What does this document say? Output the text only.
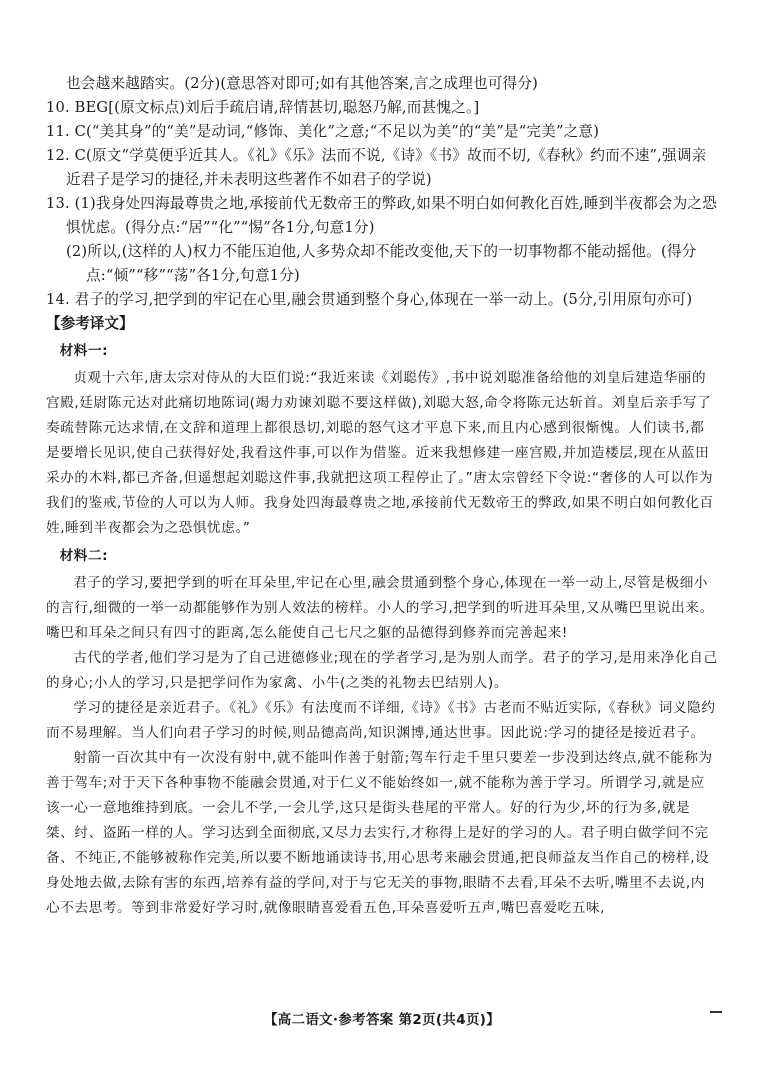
也会越来越踏实。(2分)(意思答对即可;如有其他答案,言之成理也可得分)

10. BEG[(原文标点)刘后手疏启请,辞情甚切,聪怒乃解,而甚愧之。]

11. C(“美其身”的“美”是动词,“修饰、美化”之意;“不足以为美”的“美”是“完美”之意)

12. C(原文“学莫便乎近其人。《礼》《乐》法而不说,《诗》《书》故而不切,《春秋》约而不速”,强调亲近君子是学习的捷径,并未表明这些著作不如君子的学说)

13. (1)我身处四海最尊贵之地,承接前代无数帝王的弊政,如果不明白如何教化百姓,睡到半夜都会为之恐惧忧虑。(得分点:“居”“化”“惕”各1分,句意1分)

(2)所以,(这样的人)权力不能压迫他,人多势众却不能改变他,天下的一切事物都不能动摇他。(得分点:“倾”“移”“荡”各1分,句意1分)

14. 君子的学习,把学到的牢记在心里,融会贯通到整个身心,体现在一举一动上。(5分,引用原句亦可)

【参考译文】

材料一:

贞观十六年,唐太宗对侍从的大臣们说:“我近来读《刘聪传》,书中说刘聪准备给他的刘皇后建造华丽的宫殿,廷尉陈元达对此痛切地陈词(竭力劝谏刘聪不要这样做),刘聪大怒,命令将陈元达斩首。刘皇后亲手写了奏疏替陈元达求情,在文辞和道理上都很恳切,刘聪的怒气这才平息下来,而且内心感到很惭愧。人们读书,都是要增长见识,使自己获得好处,我看这件事,可以作为借鉴。近来我想修建一座宫殿,并加造楼层,现在从蓝田采办的木料,都已齐备,但遥想起刘聪这件事,我就把这项工程停止了。”唐太宗曾经下令说:“奢侈的人可以作为我们的鉴戒,节俭的人可以为人师。我身处四海最尊贵之地,承接前代无数帝王的弊政,如果不明白如何教化百姓,睡到半夜都会为之恐惧忧虑。”

材料二:

君子的学习,要把学到的听在耳朵里,牢记在心里,融会贯通到整个身心,体现在一举一动上,尽管是极细小的言行,细微的一举一动都能够作为别人效法的榜样。小人的学习,把学到的听进耳朵里,又从嘴巴里说出来。嘴巴和耳朵之间只有四寸的距离,怎么能使自己七尺之躯的品德得到修养而完善起来!

古代的学者,他们学习是为了自己进德修业;现在的学者学习,是为别人而学。君子的学习,是用来净化自己的身心;小人的学习,只是把学问作为家禽、小牛(之类的礼物去巴结别人)。

学习的捷径是亲近君子。《礼》《乐》有法度而不详细,《诗》《书》古老而不贴近实际,《春秋》词义隐约而不易理解。当人们向君子学习的时候,则品德高尚,知识渊博,通达世事。因此说:学习的捷径是接近君子。

射箭一百次其中有一次没有射中,就不能叫作善于射箭;驾车行走千里只要差一步没到达终点,就不能称为善于驾车;对于天下各种事物不能融会贯通,对于仁义不能始终如一,就不能称为善于学习。所谓学习,就是应该一心一意地维持到底。一会儿不学,一会儿学,这只是街头巷尾的平常人。好的行为少,坏的行为多,就是桀、纣、盗跖一样的人。学习达到全面彻底,又尽力去实行,才称得上是好的学习的人。君子明白做学问不完备、不纯正,不能够被称作完美,所以要不断地诵读诗书,用心思考来融会贯通,把良师益友当作自己的榜样,设身处地去做,去除有害的东西,培养有益的学问,对于与它无关的事物,眼睛不去看,耳朵不去听,嘴里不去说,内心不去思考。等到非常爱好学习时,就像眼睛喜爱看五色,耳朵喜爱听五声,嘴巴喜爱吃五味,

【高二语文·参考答案 第2页(共4页)】
